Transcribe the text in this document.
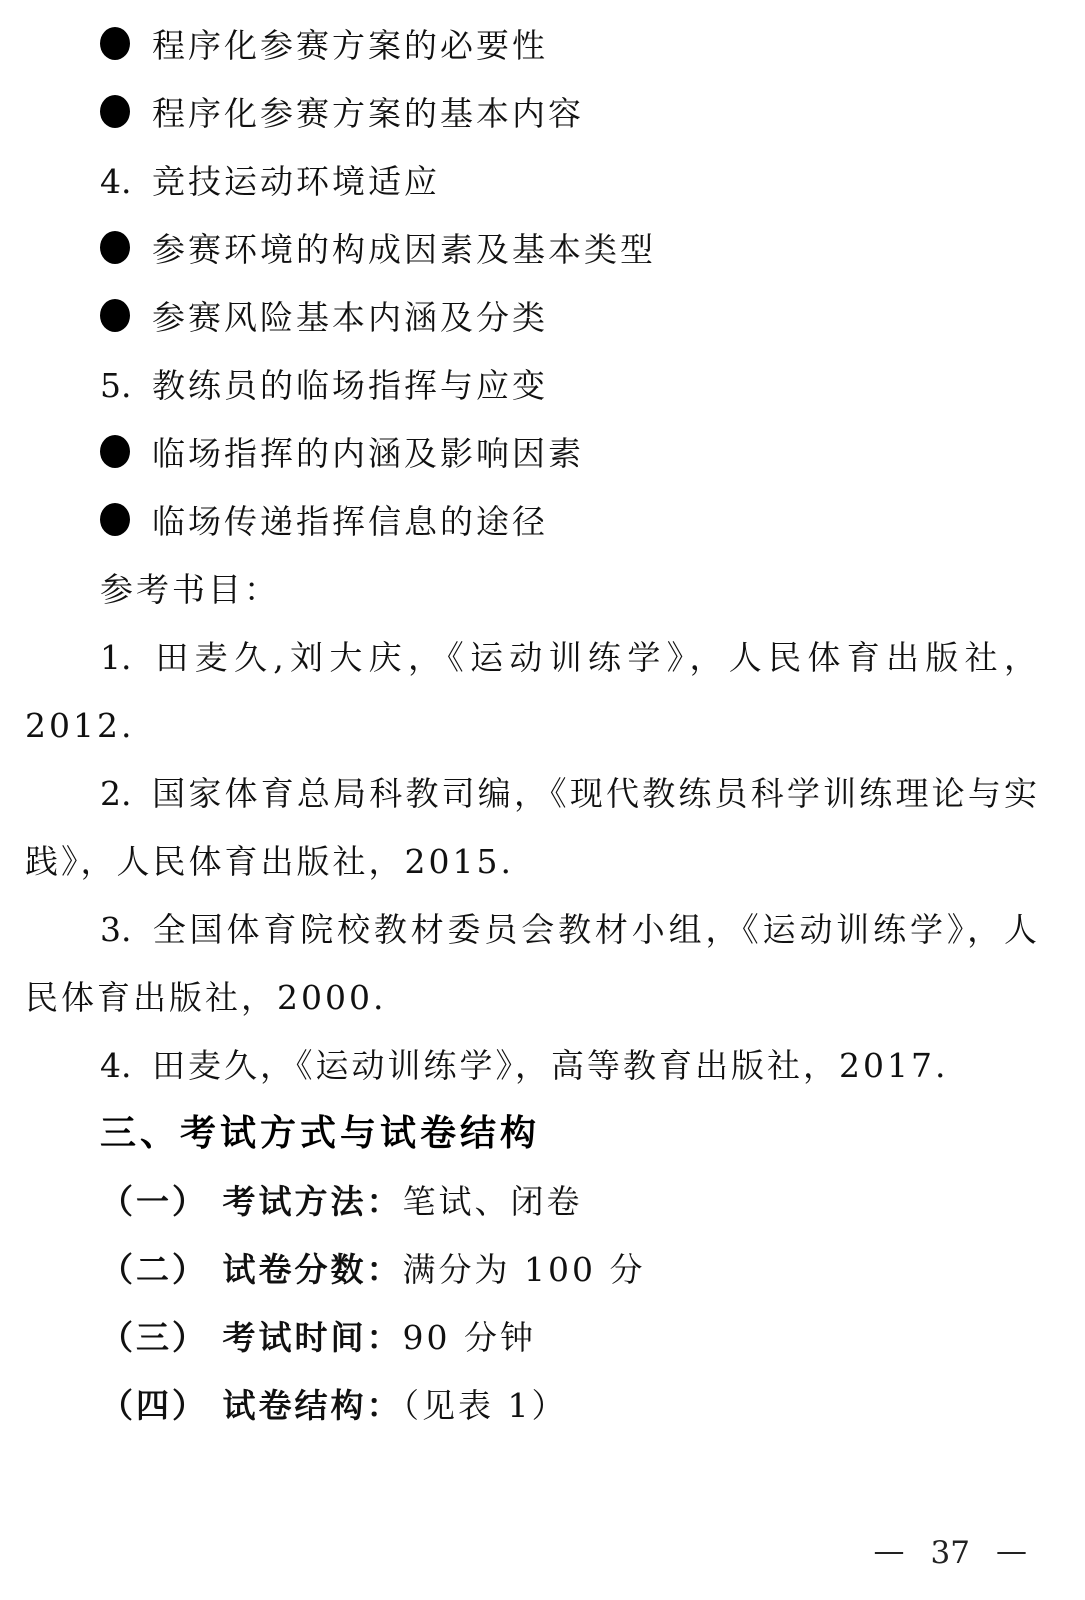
程序化参赛方案的必要性

程序化参赛方案的基本内容

4. 竞技运动环境适应

参赛环境的构成因素及基本类型

参赛风险基本内涵及分类

5. 教练员的临场指挥与应变

临场指挥的内涵及影响因素

临场传递指挥信息的途径

参考书目：

1. 田麦久,刘大庆，《运动训练学》，人民体育出版社，2012.

2. 国家体育总局科教司编，《现代教练员科学训练理论与实践》，人民体育出版社，2015.

3. 全国体育院校教材委员会教材小组，《运动训练学》，人民体育出版社，2000.

4. 田麦久，《运动训练学》，高等教育出版社，2017.

三、考试方式与试卷结构

（一） 考试方法：笔试、闭卷

（二） 试卷分数：满分为 100 分

（三） 考试时间：90 分钟

（四） 试卷结构：（见表 1）

— 37 —
